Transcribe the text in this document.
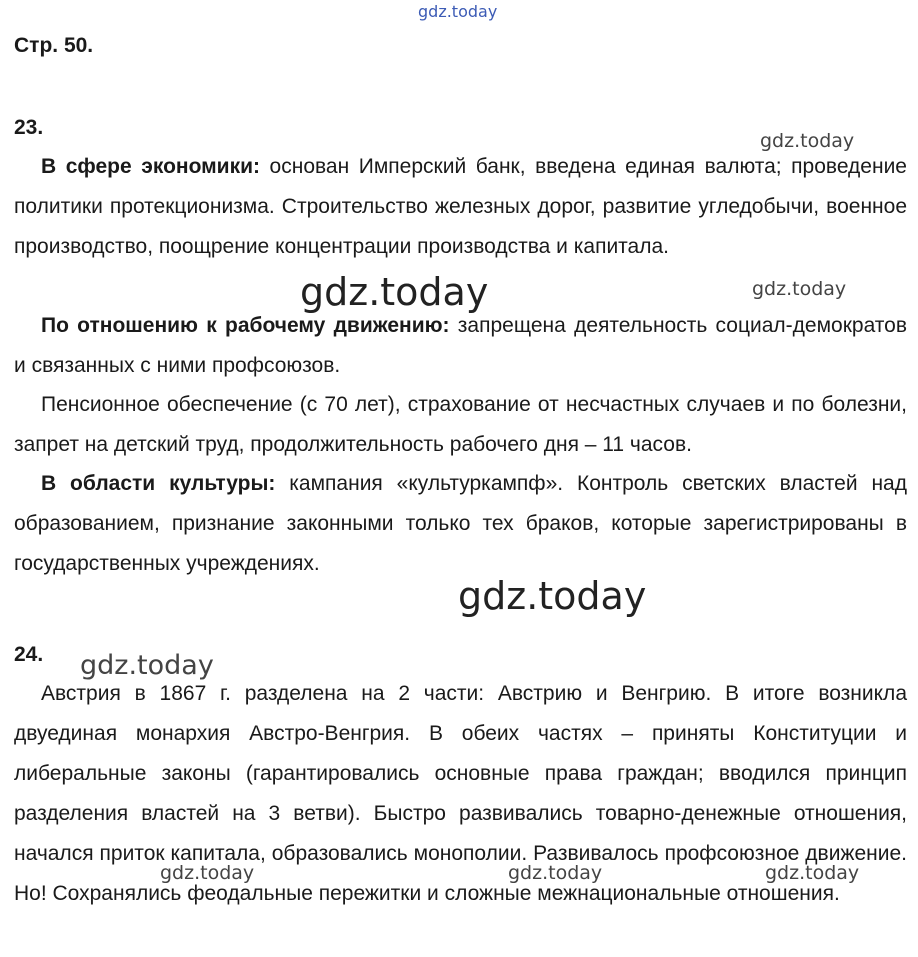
gdz.today
Стр. 50.
23.
В сфере экономики: основан Имперский банк, введена единая валюта; проведение политики протекционизма. Строительство железных дорог, развитие угледобычи, военное производство, поощрение концентрации производства и капитала.
По отношению к рабочему движению: запрещена деятельность социал-демократов и связанных с ними профсоюзов.
Пенсионное обеспечение (с 70 лет), страхование от несчастных случаев и по болезни, запрет на детский труд, продолжительность рабочего дня – 11 часов.
В области культуры: кампания «культуркампф». Контроль светских властей над образованием, признание законными только тех браков, которые зарегистрированы в государственных учреждениях.
24.
Австрия в 1867 г. разделена на 2 части: Австрию и Венгрию. В итоге возникла двуединая монархия Австро-Венгрия. В обеих частях – приняты Конституции и либеральные законы (гарантировались основные права граждан; вводился принцип разделения властей на 3 ветви). Быстро развивались товарно-денежные отношения, начался приток капитала, образовались монополии. Развивалось профсоюзное движение. Но! Сохранялись феодальные пережитки и сложные межнациональные отношения.
gdz.today
gdz.today	gdz.today
gdz.today
gdz.today
gdz.today	gdz.today	gdz.today
